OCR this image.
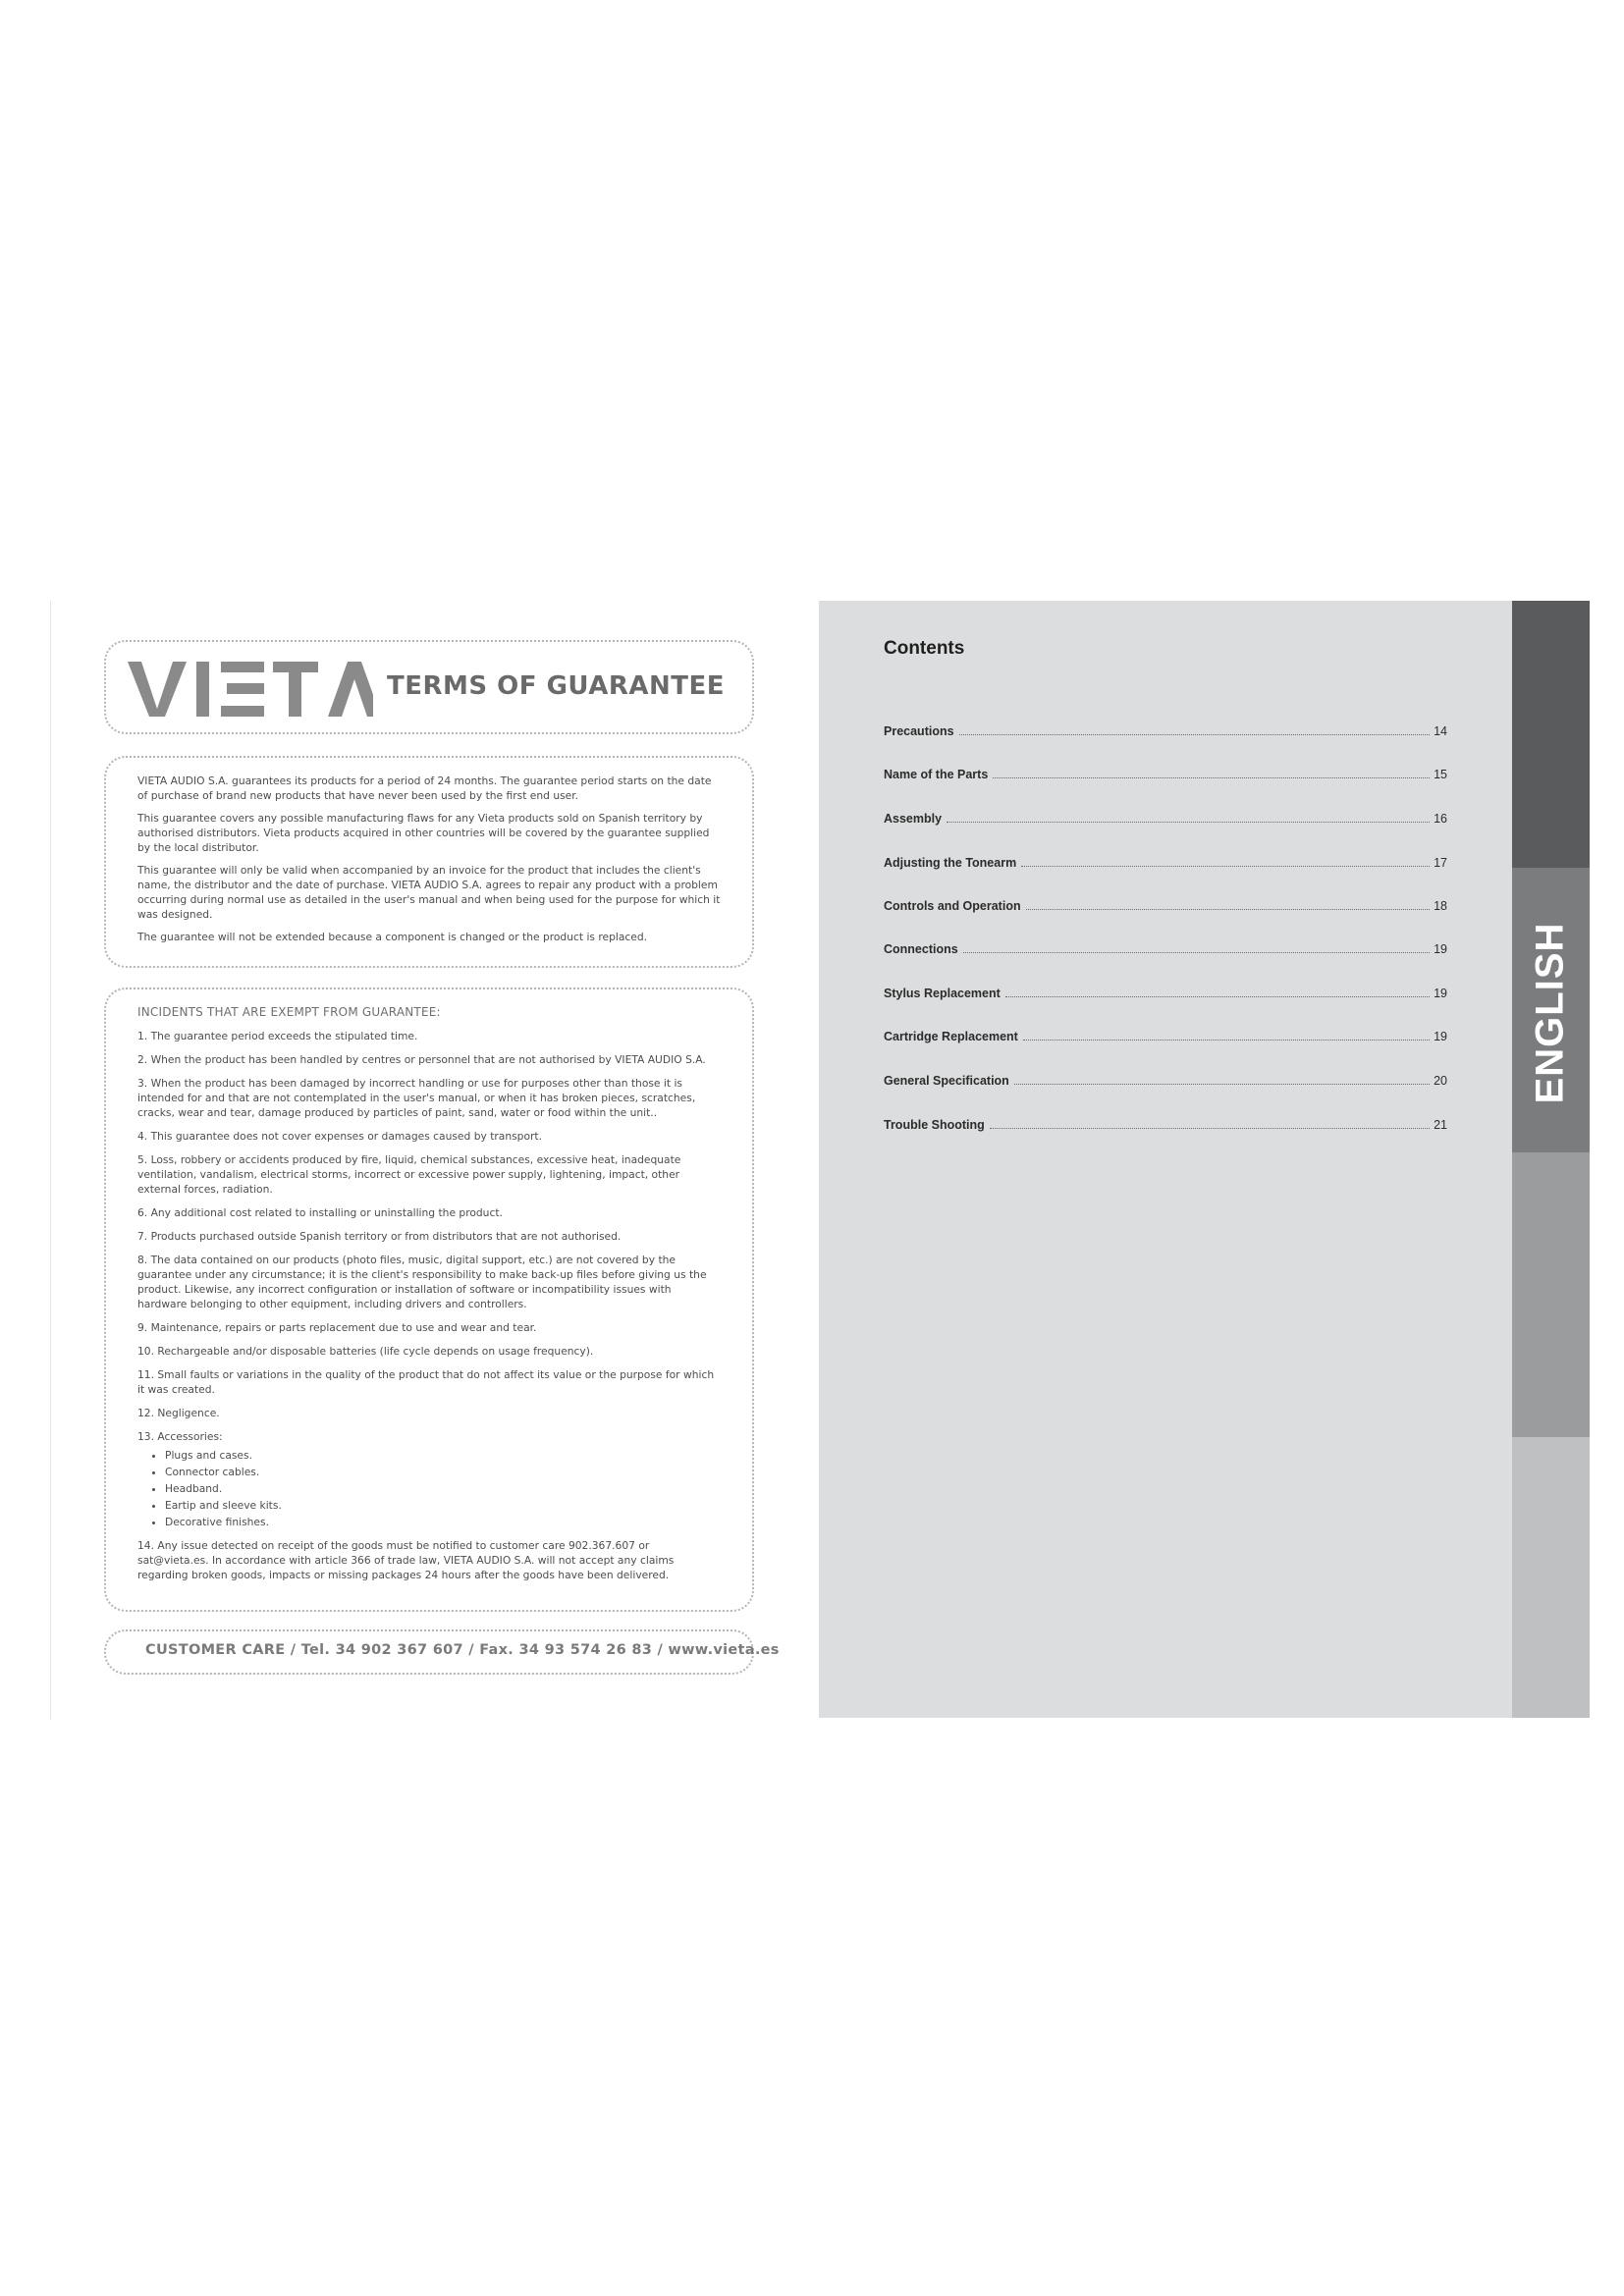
TERMS OF GUARANTEE

VIETA AUDIO S.A. guarantees its products for a period of 24 months. The guarantee period starts on the date of purchase of brand new products that have never been used by the first end user.

This guarantee covers any possible manufacturing flaws for any Vieta products sold on Spanish territory by authorised distributors. Vieta products acquired in other countries will be covered by the guarantee supplied by the local distributor.

This guarantee will only be valid when accompanied by an invoice for the product that includes the client's name, the distributor and the date of purchase. VIETA AUDIO S.A. agrees to repair any product with a problem occurring during normal use as detailed in the user's manual and when being used for the purpose for which it was designed.

The guarantee will not be extended because a component is changed or the product is replaced.

INCIDENTS THAT ARE EXEMPT FROM GUARANTEE:

1. The guarantee period exceeds the stipulated time.

2. When the product has been handled by centres or personnel that are not authorised by VIETA AUDIO S.A.

3. When the product has been damaged by incorrect handling or use for purposes other than those it is intended for and that are not contemplated in the user's manual, or when it has broken pieces, scratches, cracks, wear and tear, damage produced by particles of paint, sand, water or food within the unit..

4. This guarantee does not cover expenses or damages caused by transport.

5. Loss, robbery or accidents produced by fire, liquid, chemical substances, excessive heat, inadequate ventilation, vandalism, electrical storms, incorrect or excessive power supply, lightening, impact, other external forces, radiation.

6. Any additional cost related to installing or uninstalling the product.

7. Products purchased outside Spanish territory or from distributors that are not authorised.

8. The data contained on our products (photo files, music, digital support, etc.) are not covered by the guarantee under any circumstance; it is the client's responsibility to make back-up files before giving us the product. Likewise, any incorrect configuration or installation of software or incompatibility issues with hardware belonging to other equipment, including drivers and controllers.

9. Maintenance, repairs or parts replacement due to use and wear and tear.

10. Rechargeable and/or disposable batteries (life cycle depends on usage frequency).

11. Small faults or variations in the quality of the product that do not affect its value or the purpose for which it was created.

12. Negligence.

13. Accessories:

• Plugs and cases.
• Connector cables.
• Headband.
• Eartip and sleeve kits.
• Decorative finishes.

14. Any issue detected on receipt of the goods must be notified to customer care 902.367.607 or sat@vieta.es. In accordance with article 366 of trade law, VIETA AUDIO S.A. will not accept any claims regarding broken goods, impacts or missing packages 24 hours after the goods have been delivered.

CUSTOMER CARE / Tel. 34 902 367 607 / Fax. 34 93 574 26 83 / www.vieta.es
Contents
Precautions	14
Name of the Parts	15
Assembly	16
Adjusting the Tonearm	17
Controls and Operation	18
Connections	19
Stylus Replacement	19
Cartridge Replacement	19
General Specification	20
Trouble Shooting	21
ENGLISH
